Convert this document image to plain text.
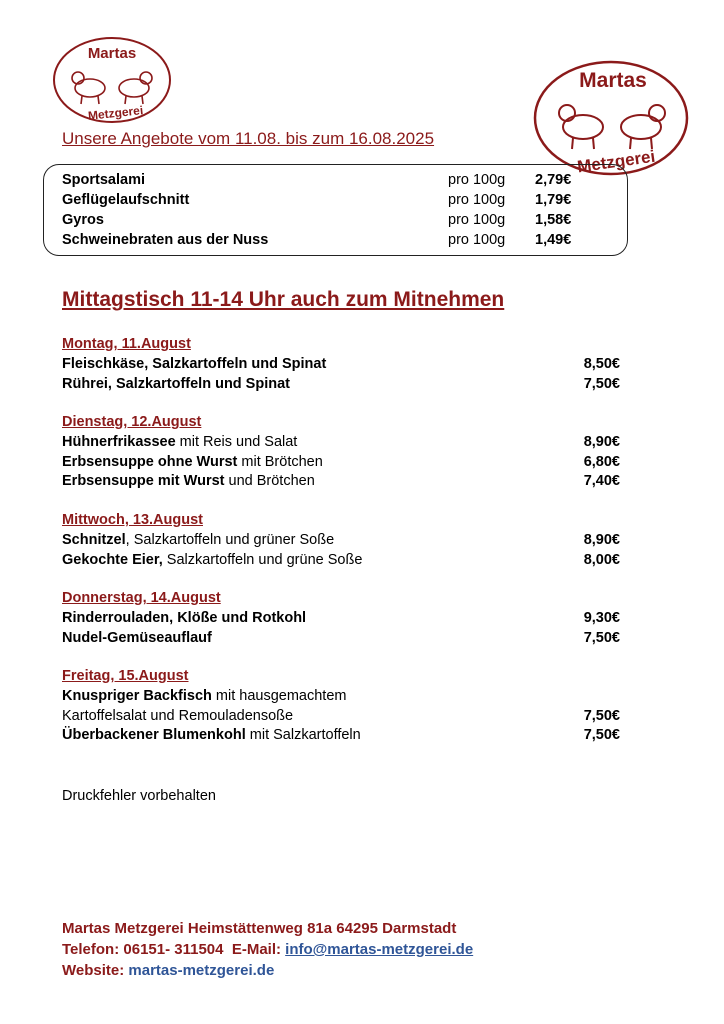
Martas
Metzgerei
Martas
Metzgerei
Unsere Angebote vom 11.08. bis zum 16.08.2025
Sportsalami	pro 100g 2,79€
Geflügelaufschnitt	pro 100g 1,79€
Gyros	pro 100g 1,58€
Schweinebraten aus der Nuss	pro 100g 1,49€
Mittagstisch 11-14 Uhr auch zum Mitnehmen
Montag, 11.August
Fleischkäse, Salzkartoffeln und Spinat	8,50€
Rührei, Salzkartoffeln und Spinat	7,50€
Dienstag, 12.August
Hühnerfrikassee mit Reis und Salat	8,90€
Erbsensuppe ohne Wurst mit Brötchen	6,80€
Erbsensuppe mit Wurst und Brötchen	7,40€
Mittwoch, 13.August
Schnitzel, Salzkartoffeln und grüner Soße	8,90€
Gekochte Eier, Salzkartoffeln und grüne Soße	8,00€
Donnerstag, 14.August
Rinderrouladen, Klöße und Rotkohl	9,30€
Nudel-Gemüseauflauf	7,50€
Freitag, 15.August
Knuspriger Backfisch mit hausgemachtem
Kartoffelsalat und Remouladensoße	7,50€
Überbackener Blumenkohl mit Salzkartoffeln	7,50€
Druckfehler vorbehalten
Martas Metzgerei Heimstättenweg 81a 64295 Darmstadt
Telefon: 06151- 311504  E-Mail: info@martas-metzgerei.de
Website: martas-metzgerei.de
